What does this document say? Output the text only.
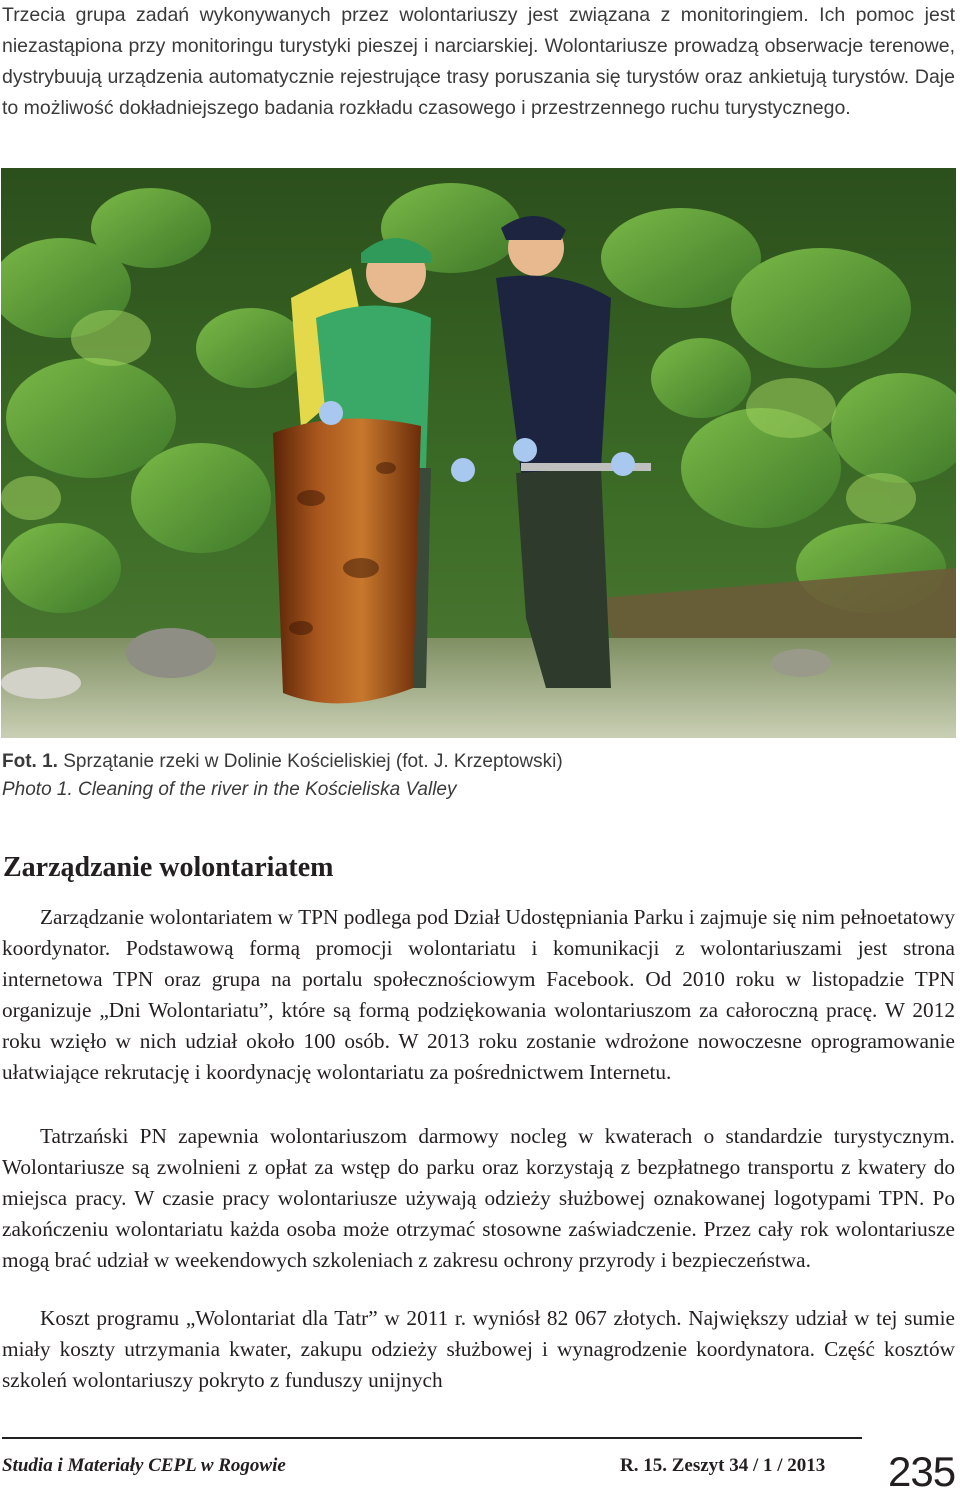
Trzecia grupa zadań wykonywanych przez wolontariuszy jest związana z monitoringiem. Ich pomoc jest niezastąpiona przy monitoringu turystyki pieszej i narciarskiej. Wolontariusze prowadzą obserwacje terenowe, dystrybuują urządzenia automatycznie rejestrujące trasy poruszania się turystów oraz ankietują turystów. Daje to możliwość dokładniejszego badania rozkładu czasowego i przestrzennego ruchu turystycznego.

Fot. 1. Sprzątanie rzeki w Dolinie Kościeliskiej (fot. J. Krzeptowski)
Photo 1. Cleaning of the river in the Kościeliska Valley
Zarządzanie wolontariatem

Zarządzanie wolontariatem w TPN podlega pod Dział Udostępniania Parku i zajmuje się nim pełnoetatowy koordynator. Podstawową formą promocji wolontariatu i komunikacji z wolontariuszami jest strona internetowa TPN oraz grupa na portalu społecznościowym Facebook. Od 2010 roku w listopadzie TPN organizuje „Dni Wolontariatu”, które są formą podziękowania wolontariuszom za całoroczną pracę. W 2012 roku wzięło w nich udział około 100 osób. W 2013 roku zostanie wdrożone nowoczesne oprogramowanie ułatwiające rekrutację i koordynację wolontariatu za pośrednictwem Internetu.

Tatrzański PN zapewnia wolontariuszom darmowy nocleg w kwaterach o standardzie turystycznym. Wolontariusze są zwolnieni z opłat za wstęp do parku oraz korzystają z bezpłatnego transportu z kwatery do miejsca pracy. W czasie pracy wolontariusze używają odzieży służbowej oznakowanej logotypami TPN. Po zakończeniu wolontariatu każda osoba może otrzymać stosowne zaświadczenie. Przez cały rok wolontariusze mogą brać udział w weekendowych szkoleniach z zakresu ochrony przyrody i bezpieczeństwa.

Koszt programu „Wolontariat dla Tatr” w 2011 r. wyniósł 82 067 złotych. Największy udział w tej sumie miały koszty utrzymania kwater, zakupu odzieży służbowej i wynagrodzenie koordynatora. Część kosztów szkoleń wolontariuszy pokryto z funduszy unijnych

Studia i Materiały CEPL w Rogowie	R. 15. Zeszyt 34 / 1 / 2013 235
